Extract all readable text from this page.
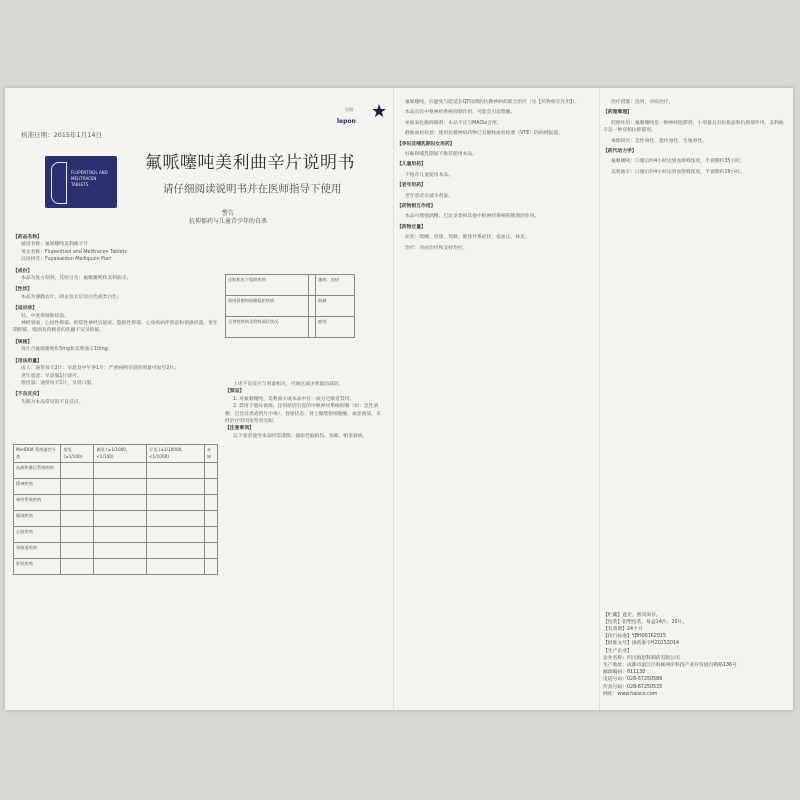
乐朋
lepon ★
核准日期：2015年1月14日
FLUPENTIXOL AND
MELITRACEN
TABLETS
氟哌噻吨美利曲辛片说明书
请仔细阅读说明书并在医师指导下使用
警告
抗抑郁药与儿童青少年的自杀
【药品名称】
通用名称：氟哌噻吨美利曲辛片
英文名称：Flupentixol and Melitracen Tablets
汉语拼音：Fupaisaidun Meiliquxin Pian
【成份】
本品为复方制剂，其组分为：氟哌噻吨和美利曲辛。
【性状】
本品为薄膜衣片，除去包衣后显白色或类白色。
【适应症】
轻、中度抑郁和焦虑。
神经衰弱、心因性抑郁、抑郁性神经官能症、隐匿性抑郁、心身疾病伴焦虑和情感淡漠、更年期抑郁、嗜酒及药瘾者的焦躁不安及抑郁。
【规格】
每片含氟哌噻吨0.5mg和美利曲辛10mg。
【用法用量】
成人：通常每天2片：早晨及中午各1片；严重病例早晨的剂量可加至2片。
老年患者：早晨服1片即可。
维持量：通常每天1片，早晨口服。
【不良反应】
失眠为本品常见的不良反应。
皮肤和皮下组织疾病		瘙痒、皮疹
肌肉骨骼和结缔组织疾病		肌痛
全身性疾病及给药部位状况		疲劳
上述不良反应与剂量相关，可通过减少剂量而减轻。
【禁忌】
1. 对氟哌噻吨、美利曲辛或本品中任一成分过敏者禁用。
2. 禁用于循环衰竭、任何原因引起的中枢神经系统抑制（如：急性酒精、巴比妥类或阿片中毒）、昏迷状态、肾上腺嗜铬细胞瘤、血恶液质、未经治疗的闭角型青光眼。
【注意事项】
以下患者使用本品时需谨慎：器质性脑损伤、惊厥、帕金森病。
MedDRA 系统器官分类	常见 (≥1/100)	偶见 (≥1/1000, <1/100)	罕见 (≥1/10000, <1/1000)	未知
血液和淋巴系统疾病				
精神疾病				
神经系统疾病				
眼部疾病				
心脏疾病				
胃肠道疾病				
肝胆疾病				
氟哌噻吨，应避免与能延长QT间期的抗精神病药联合治疗（见【药物相互作用】）。
本品具有中枢神经系统抑制作用，可能会引起嗜睡。
单胺氧化酶抑制剂：本品不应与MAOIs合用。
静脉血栓栓塞：使用抗精神病药物已有静脉血栓栓塞（VTE）的病例报道。
【孕妇及哺乳期妇女用药】
妊娠和哺乳期间不推荐使用本品。
【儿童用药】
不推荐儿童使用本品。
【老年用药】
老年患者应减少剂量。
【药物相互作用】
本品可增强酒精、巴比妥类和其他中枢神经系统抑制剂的作用。
【药物过量】
症状：嗜睡、昏迷、惊厥、锥体外系症状、低血压、休克。
治疗：对症治疗和支持治疗。
治疗措施：洗胃，对症治疗。
【药理毒理】
药理作用：氟哌噻吨是一种神经阻滞剂，小剂量具有抗焦虑和抗抑郁作用。美利曲辛是一种双相抗抑郁剂。
毒理研究：急性毒性、遗传毒性、生殖毒性。
【药代动力学】
氟哌噻吨：口服后约4小时达到血浆峰浓度，半衰期约35小时。
美利曲辛：口服后约4小时达到血浆峰浓度，半衰期约19小时。
【贮藏】遮光，密闭保存。
【包装】铝塑包装，每盒14片、20片。
【有效期】24个月
【执行标准】YBH00162015
【批准文号】国药准字H20153014
【生产企业】
企业名称：四川海思科制药有限公司
生产地址：成都市温江区海峡两岸科技产业开发园百利路136号
邮政编码：611130
电话号码：028-67250586
传真号码：028-67250535
网址：www.haisco.com
